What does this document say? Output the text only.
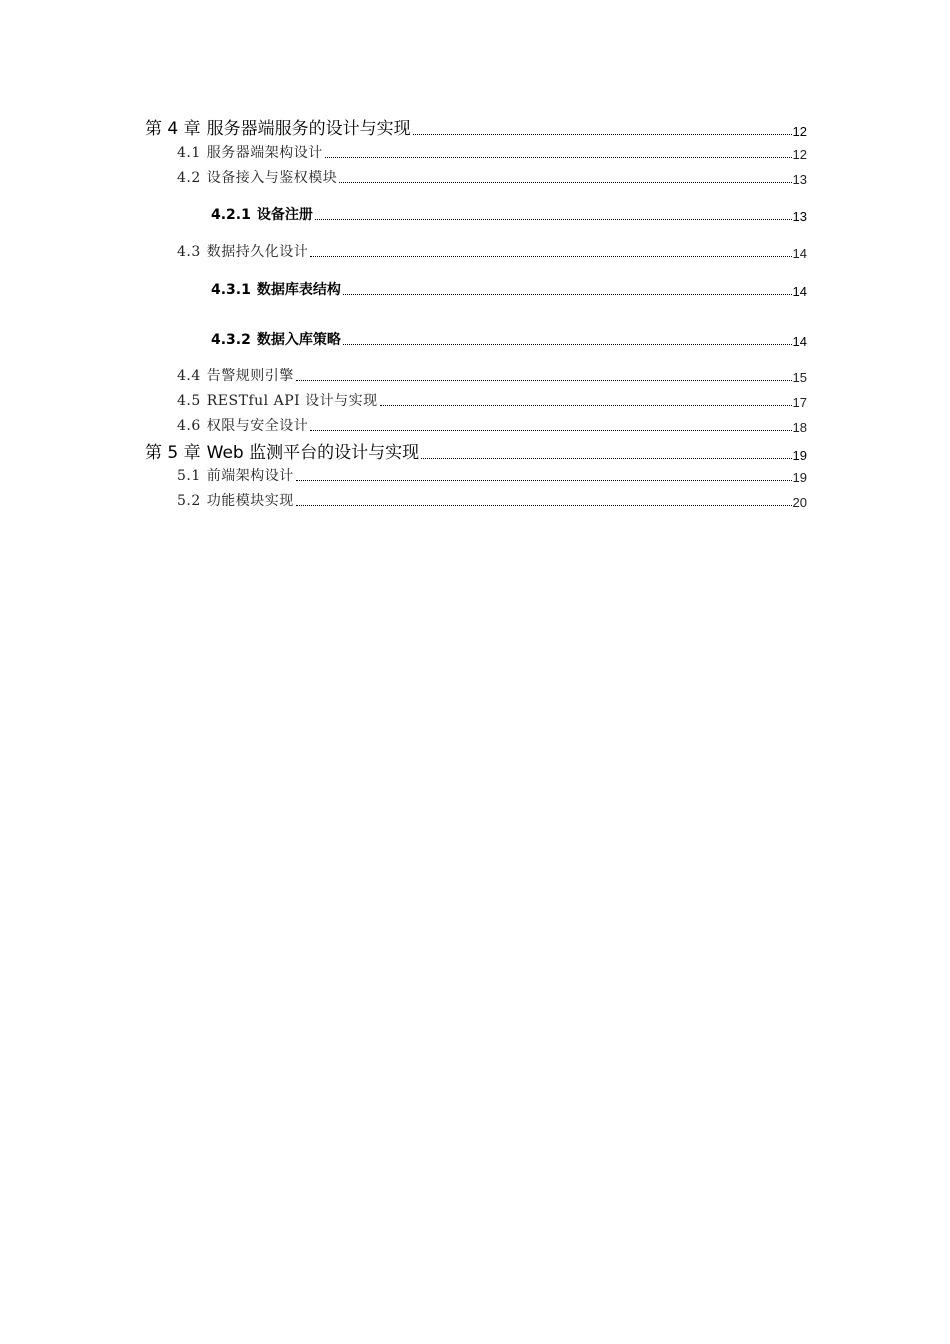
第 4 章 服务器端服务的设计与实现	12
4.1 服务器端架构设计	12
4.2 设备接入与鉴权模块	13
4.2.1 设备注册	13
4.3 数据持久化设计	14
4.3.1 数据库表结构	14
4.3.2 数据入库策略	14
4.4 告警规则引擎	15
4.5 RESTful API 设计与实现	17
4.6 权限与安全设计	18
第 5 章 Web 监测平台的设计与实现	19
5.1 前端架构设计	19
5.2 功能模块实现	20
